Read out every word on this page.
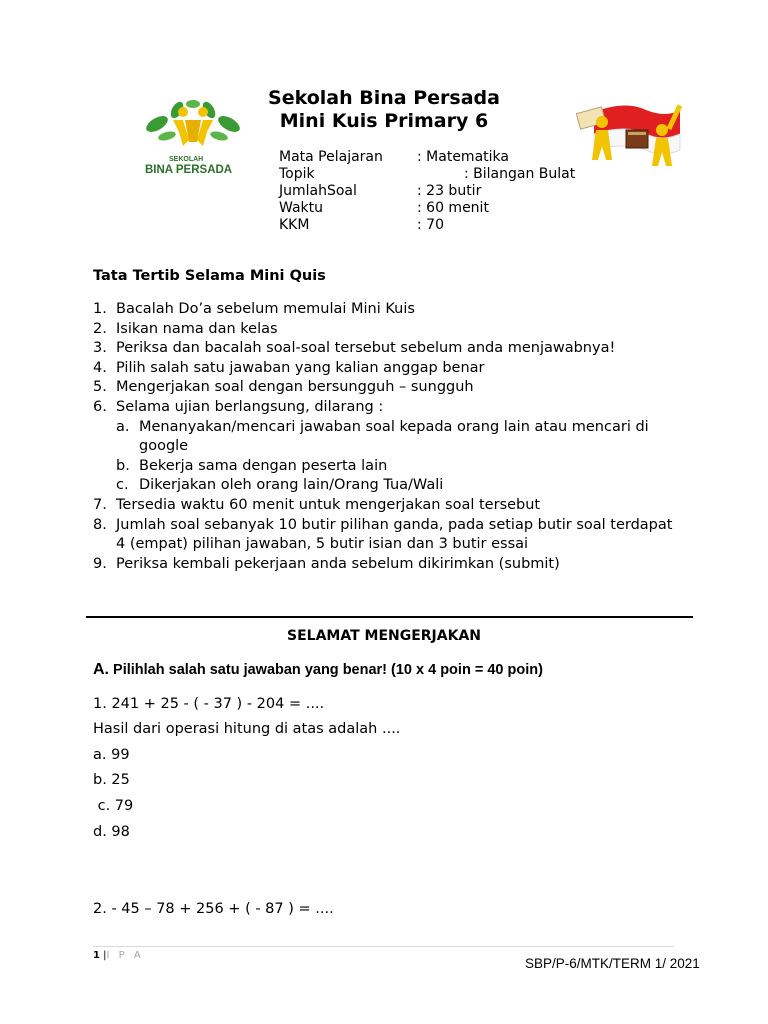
Sekolah Bina Persada
Mini Kuis Primary 6
SEKOLAH
BINA PERSADA
Mata Pelajaran : Matematika
Topik	: Bilangan Bulat
JumlahSoal	: 23 butir
Waktu	: 60 menit
KKM	: 70
Tata Tertib Selama Mini Quis
1. Bacalah Do’a sebelum memulai Mini Kuis
2. Isikan nama dan kelas
3. Periksa dan bacalah soal-soal tersebut sebelum anda menjawabnya!
4. Pilih salah satu jawaban yang kalian anggap benar
5. Mengerjakan soal dengan bersungguh – sungguh
6. Selama ujian berlangsung, dilarang :
a. Menanyakan/mencari jawaban soal kepada orang lain atau mencari di google
b. Bekerja sama dengan peserta lain
c. Dikerjakan oleh orang lain/Orang Tua/Wali
7. Tersedia waktu 60 menit untuk mengerjakan soal tersebut
8. Jumlah soal sebanyak 10 butir pilihan ganda, pada setiap butir soal terdapat 4 (empat) pilihan jawaban, 5 butir isian dan 3 butir essai
9. Periksa kembali pekerjaan anda sebelum dikirimkan (submit)
SELAMAT MENGERJAKAN
A. Pilihlah salah satu jawaban yang benar! (10 x 4 poin = 40 poin)
1. 241 + 25 - ( - 37 ) - 204 = ....
Hasil dari operasi hitung di atas adalah ....
a. 99
b. 25
c. 79
d. 98
2. - 45 – 78 + 256 + ( - 87 ) = ....
1 |I P A
SBP/P-6/MTK/TERM 1/ 2021
